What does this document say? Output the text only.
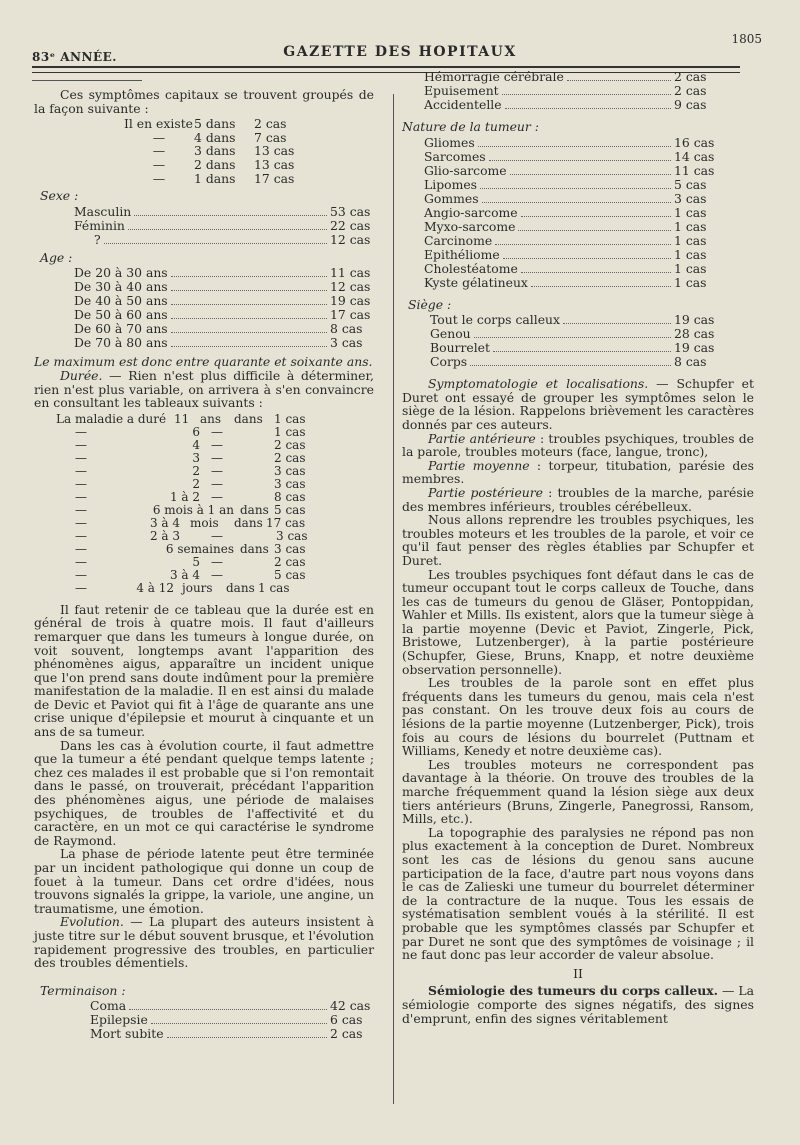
83ᵉ ANNÉE.	GAZETTE DES HOPITAUX
1805

Ces symptômes capitaux se trouvent groupés de la façon suivante :

Il en existe 5 dans	2 cas
—	4 dans	7 cas
—	3 dans	13 cas
—	2 dans	13 cas
—	1 dans	17 cas
Sexe :
Masculin	53 cas
Féminin	22 cas
?	12 cas
Age :
De 20 à 30 ans	11 cas
De 30 à 40 ans	12 cas
De 40 à 50 ans	19 cas
De 50 à 60 ans	17 cas
De 60 à 70 ans	8 cas
De 70 à 80 ans	3 cas

Le maximum est donc entre quarante et soixante ans.

Durée. — Rien n'est plus difficile à déterminer, rien n'est plus variable, on arrivera à s'en convaincre en consultant les tableaux suivants :

La maladie a duré 11 ans	dans 1 cas
—	6 —	1 cas
—	4 —	2 cas
—	3 —	2 cas
—	2 —	3 cas
—	2 —	3 cas
—	1 à 2 —	8 cas
—	6 mois à 1 an dans 5 cas
—	3 à 4 mois	dans 17 cas
—	2 à 3	—	3 cas
—	6 semaines dans 3 cas
—	5 —	2 cas
—	3 à 4 —	5 cas
—	4 à 12 jours	dans 1 cas

Il faut retenir de ce tableau que la durée est en général de trois à quatre mois. Il faut d'ailleurs remarquer que dans les tumeurs à longue durée, on voit souvent, longtemps avant l'apparition des phénomènes aigus, apparaître un incident unique que l'on prend sans doute indûment pour la première manifestation de la maladie. Il en est ainsi du malade de Devic et Paviot qui fit à l'âge de quarante ans une crise unique d'épilepsie et mourut à cinquante et un ans de sa tumeur.

Dans les cas à évolution courte, il faut admettre que la tumeur a été pendant quelque temps latente ; chez ces malades il est probable que si l'on remontait dans le passé, on trouverait, précédant l'apparition des phénomènes aigus, une période de malaises psychiques, de troubles de l'affectivité et du caractère, en un mot ce qui caractérise le syndrome de Raymond.

La phase de période latente peut être terminée par un incident pathologique qui donne un coup de fouet à la tumeur. Dans cet ordre d'idées, nous trouvons signalés la grippe, la variole, une angine, un traumatisme, une émotion.

Evolution. — La plupart des auteurs insistent à juste titre sur le début souvent brusque, et l'évolution rapidement progressive des troubles, en particulier des troubles démentiels.

Terminaison :
Coma	42 cas
Epilepsie	6 cas
Mort subite	2 cas
Hémorragie cérébrale	2 cas
Epuisement	2 cas
Accidentelle	9 cas
Nature de la tumeur :
Gliomes	16 cas
Sarcomes	14 cas
Glio-sarcome	11 cas
Lipomes	5 cas
Gommes	3 cas
Angio-sarcome	1 cas
Myxo-sarcome	1 cas
Carcinome	1 cas
Epithéliome	1 cas
Cholestéatome	1 cas
Kyste gélatineux	1 cas
Siège :
Tout le corps calleux	19 cas
Genou	28 cas
Bourrelet	19 cas
Corps	8 cas

Symptomatologie et localisations. — Schupfer et Duret ont essayé de grouper les symptômes selon le siège de la lésion. Rappelons brièvement les caractères donnés par ces auteurs.

Partie antérieure : troubles psychiques, troubles de la parole, troubles moteurs (face, langue, tronc),

Partie moyenne : torpeur, titubation, parésie des membres.

Partie postérieure : troubles de la marche, parésie des membres inférieurs, troubles cérébelleux.

Nous allons reprendre les troubles psychiques, les troubles moteurs et les troubles de la parole, et voir ce qu'il faut penser des règles établies par Schupfer et Duret.

Les troubles psychiques font défaut dans le cas de tumeur occupant tout le corps calleux de Touche, dans les cas de tumeurs du genou de Gläser, Pontoppidan, Wahler et Mills. Ils existent, alors que la tumeur siège à la partie moyenne (Devic et Paviot, Zingerle, Pick, Bristowe, Lutzenberger), à la partie postérieure (Schupfer, Giese, Bruns, Knapp, et notre deuxième observation personnelle).

Les troubles de la parole sont en effet plus fréquents dans les tumeurs du genou, mais cela n'est pas constant. On les trouve deux fois au cours de lésions de la partie moyenne (Lutzenberger, Pick), trois fois au cours de lésions du bourrelet (Puttnam et Williams, Kenedy et notre deuxième cas).

Les troubles moteurs ne correspondent pas davantage à la théorie. On trouve des troubles de la marche fréquemment quand la lésion siège aux deux tiers antérieurs (Bruns, Zingerle, Panegrossi, Ransom, Mills, etc.).

La topographie des paralysies ne répond pas non plus exactement à la conception de Duret. Nombreux sont les cas de lésions du genou sans aucune participation de la face, d'autre part nous voyons dans le cas de Zalieski une tumeur du bourrelet déterminer de la contracture de la nuque. Tous les essais de systématisation semblent voués à la stérilité. Il est probable que les symptômes classés par Schupfer et par Duret ne sont que des symptômes de voisinage ; il ne faut donc pas leur accorder de valeur absolue.

II

Sémiologie des tumeurs du corps calleux. — La sémiologie comporte des signes négatifs, des signes d'emprunt, enfin des signes véritablement
